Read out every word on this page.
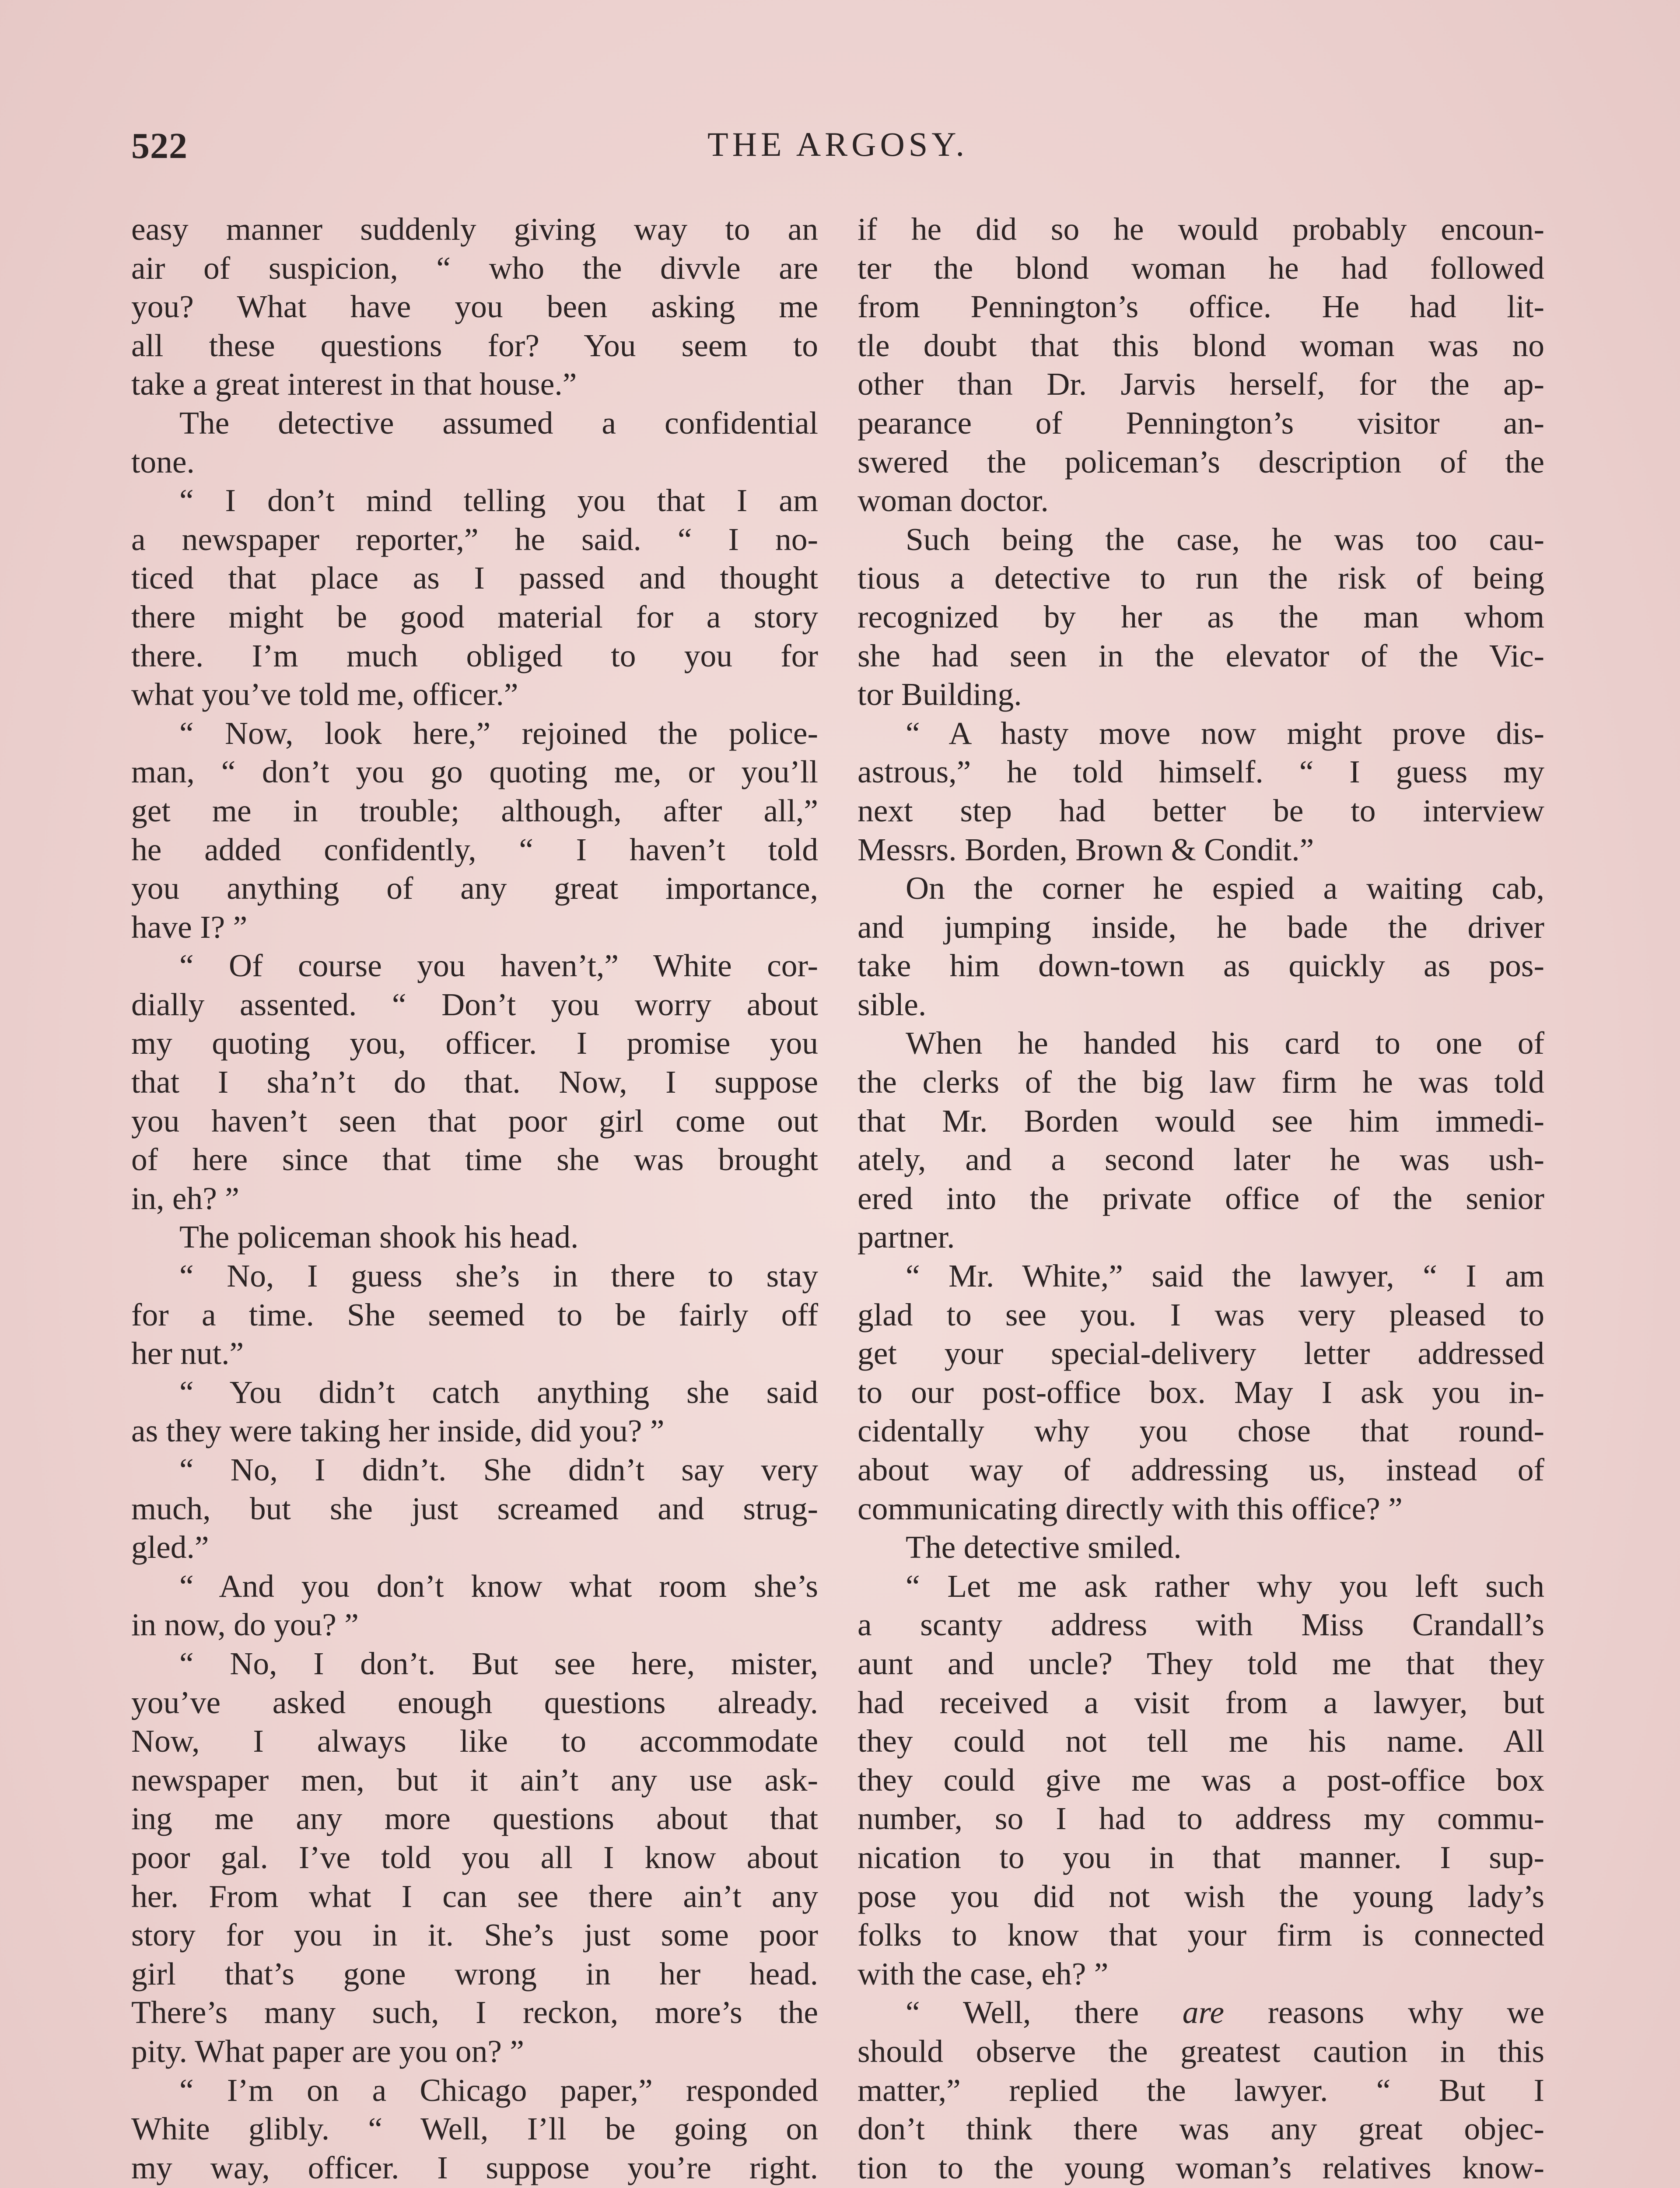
522	THE ARGOSY.
easy manner suddenly giving way to an
air of suspicion, “ who the divvle are
you? What have you been asking me
all these questions for? You seem to
take a great interest in that house.”
The detective assumed a confidential
tone.
“ I don’t mind telling you that I am
a newspaper reporter,” he said. “ I no-
ticed that place as I passed and thought
there might be good material for a story
there. I’m much obliged to you for
what you’ve told me, officer.”
“ Now, look here,” rejoined the police-
man, “ don’t you go quoting me, or you’ll
get me in trouble; although, after all,”
he added confidently, “ I haven’t told
you anything of any great importance,
have I? ”
“ Of course you haven’t,” White cor-
dially assented. “ Don’t you worry about
my quoting you, officer. I promise you
that I sha’n’t do that. Now, I suppose
you haven’t seen that poor girl come out
of here since that time she was brought
in, eh? ”
The policeman shook his head.
“ No, I guess she’s in there to stay
for a time. She seemed to be fairly off
her nut.”
“ You didn’t catch anything she said
as they were taking her inside, did you? ”
“ No, I didn’t. She didn’t say very
much, but she just screamed and strug-
gled.”
“ And you don’t know what room she’s
in now, do you? ”
“ No, I don’t. But see here, mister,
you’ve asked enough questions already.
Now, I always like to accommodate
newspaper men, but it ain’t any use ask-
ing me any more questions about that
poor gal. I’ve told you all I know about
her. From what I can see there ain’t any
story for you in it. She’s just some poor
girl that’s gone wrong in her head.
There’s many such, I reckon, more’s the
pity. What paper are you on? ”
“ I’m on a Chicago paper,” responded
White glibly. “ Well, I’ll be going on
my way, officer. I suppose you’re right.
if he did so he would probably encoun-
ter the blond woman he had followed
from Pennington’s office. He had lit-
tle doubt that this blond woman was no
other than Dr. Jarvis herself, for the ap-
pearance of Pennington’s visitor an-
swered the policeman’s description of the
woman doctor.
Such being the case, he was too cau-
tious a detective to run the risk of being
recognized by her as the man whom
she had seen in the elevator of the Vic-
tor Building.
“ A hasty move now might prove dis-
astrous,” he told himself. “ I guess my
next step had better be to interview
Messrs. Borden, Brown & Condit.”
On the corner he espied a waiting cab,
and jumping inside, he bade the driver
take him down-town as quickly as pos-
sible.
When he handed his card to one of
the clerks of the big law firm he was told
that Mr. Borden would see him immedi-
ately, and a second later he was ush-
ered into the private office of the senior
partner.
“ Mr. White,” said the lawyer, “ I am
glad to see you. I was very pleased to
get your special-delivery letter addressed
to our post-office box. May I ask you in-
cidentally why you chose that round-
about way of addressing us, instead of
communicating directly with this office? ”
The detective smiled.
“ Let me ask rather why you left such
a scanty address with Miss Crandall’s
aunt and uncle? They told me that they
had received a visit from a lawyer, but
they could not tell me his name. All
they could give me was a post-office box
number, so I had to address my commu-
nication to you in that manner. I sup-
pose you did not wish the young lady’s
folks to know that your firm is connected
with the case, eh? ”
“ Well, there are reasons why we
should observe the greatest caution in this
matter,” replied the lawyer. “ But I
don’t think there was any great objec-
tion to the young woman’s relatives know-
